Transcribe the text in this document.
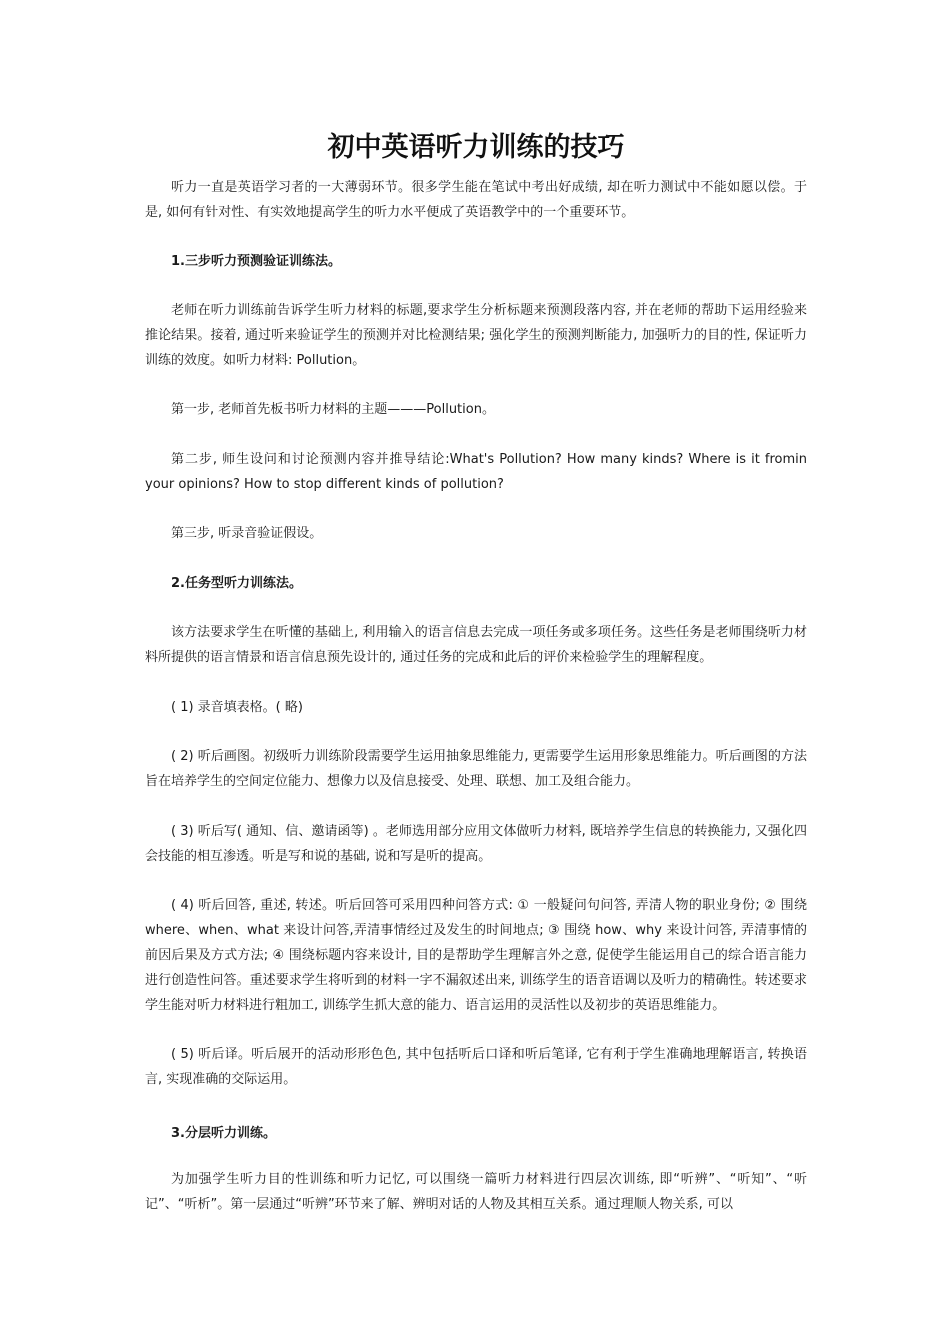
初中英语听力训练的技巧

听力一直是英语学习者的一大薄弱环节。很多学生能在笔试中考出好成绩, 却在听力测试中不能如愿以偿。于是, 如何有针对性、有实效地提高学生的听力水平便成了英语教学中的一个重要环节。

1.三步听力预测验证训练法。

老师在听力训练前告诉学生听力材料的标题,要求学生分析标题来预测段落内容, 并在老师的帮助下运用经验来推论结果。接着, 通过听来验证学生的预测并对比检测结果; 强化学生的预测判断能力, 加强听力的目的性, 保证听力训练的效度。如听力材料: Pollution。

第一步, 老师首先板书听力材料的主题———Pollution。

第二步, 师生设问和讨论预测内容并推导结论:What's Pollution? How many kinds? Where is it fromin your opinions? How to stop different kinds of pollution?

第三步, 听录音验证假设。

2.任务型听力训练法。

该方法要求学生在听懂的基础上, 利用输入的语言信息去完成一项任务或多项任务。这些任务是老师围绕听力材料所提供的语言情景和语言信息预先设计的, 通过任务的完成和此后的评价来检验学生的理解程度。

( 1) 录音填表格。( 略)

( 2) 听后画图。初级听力训练阶段需要学生运用抽象思维能力, 更需要学生运用形象思维能力。听后画图的方法旨在培养学生的空间定位能力、想像力以及信息接受、处理、联想、加工及组合能力。

( 3) 听后写( 通知、信、邀请函等) 。老师选用部分应用文体做听力材料, 既培养学生信息的转换能力, 又强化四会技能的相互渗透。听是写和说的基础, 说和写是听的提高。

( 4) 听后回答, 重述, 转述。听后回答可采用四种问答方式: ① 一般疑问句问答, 弄清人物的职业身份; ② 围绕where、when、what 来设计问答,弄清事情经过及发生的时间地点; ③ 围绕 how、why 来设计问答, 弄清事情的前因后果及方式方法; ④ 围绕标题内容来设计, 目的是帮助学生理解言外之意, 促使学生能运用自己的综合语言能力进行创造性问答。重述要求学生将听到的材料一字不漏叙述出来, 训练学生的语音语调以及听力的精确性。转述要求学生能对听力材料进行粗加工, 训练学生抓大意的能力、语言运用的灵活性以及初步的英语思维能力。

( 5) 听后译。听后展开的活动形形色色, 其中包括听后口译和听后笔译, 它有利于学生准确地理解语言, 转换语言, 实现准确的交际运用。

3.分层听力训练。

为加强学生听力目的性训练和听力记忆, 可以围绕一篇听力材料进行四层次训练, 即“听辨”、“听知”、“听记”、“听析”。第一层通过“听辨”环节来了解、辨明对话的人物及其相互关系。通过理顺人物关系, 可以
